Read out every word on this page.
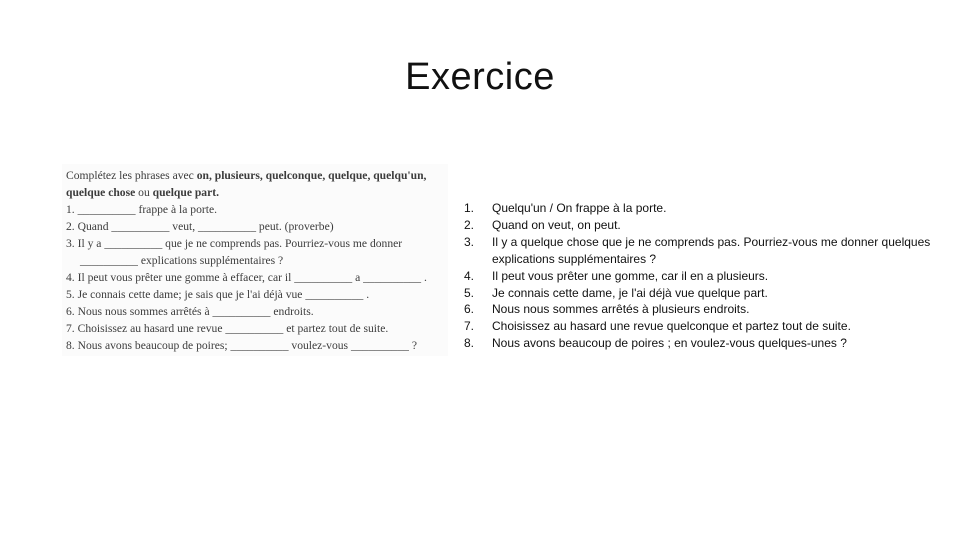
Exercice
Complétez les phrases avec on, plusieurs, quelconque, quelque, quelqu'un,
quelque chose ou quelque part.
1. __________ frappe à la porte.
2. Quand __________ veut, __________ peut. (proverbe)
3. Il y a __________ que je ne comprends pas. Pourriez-vous me donner
__________ explications supplémentaires ?
4. Il peut vous prêter une gomme à effacer, car il __________ a __________ .
5. Je connais cette dame; je sais que je l'ai déjà vue __________ .
6. Nous nous sommes arrêtés à __________ endroits.
7. Choisissez au hasard une revue __________ et partez tout de suite.
8. Nous avons beaucoup de poires; __________ voulez-vous __________ ?
1.	Quelqu'un / On frappe à la porte.
2.	Quand on veut, on peut.
3.	Il y a quelque chose que je ne comprends pas. Pourriez-vous me donner quelques explications supplémentaires ?
4.	Il peut vous prêter une gomme, car il en a plusieurs.
5.	Je connais cette dame, je l'ai déjà vue quelque part.
6.	Nous nous sommes arrêtés à plusieurs endroits.
7.	Choisissez au hasard une revue quelconque et partez tout de suite.
8.	Nous avons beaucoup de poires ; en voulez-vous quelques-unes ?
